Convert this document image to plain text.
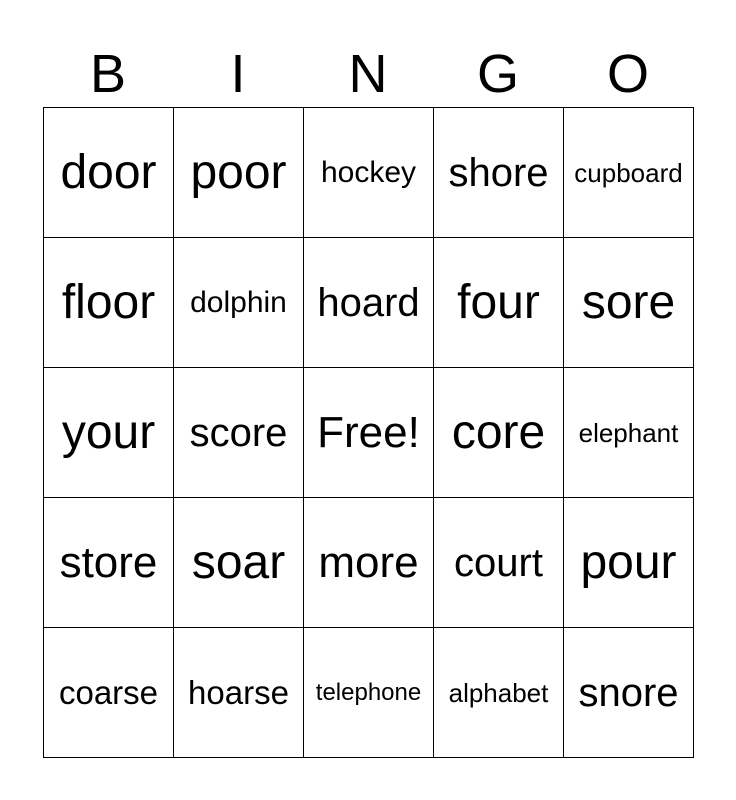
B	I	N	G	O
door poor	hockey shore cupboard
floor	dolphin hoard four sore
your score Free! core	elephant
store soar more court pour
coarse hoarse	telephone	alphabet snore
